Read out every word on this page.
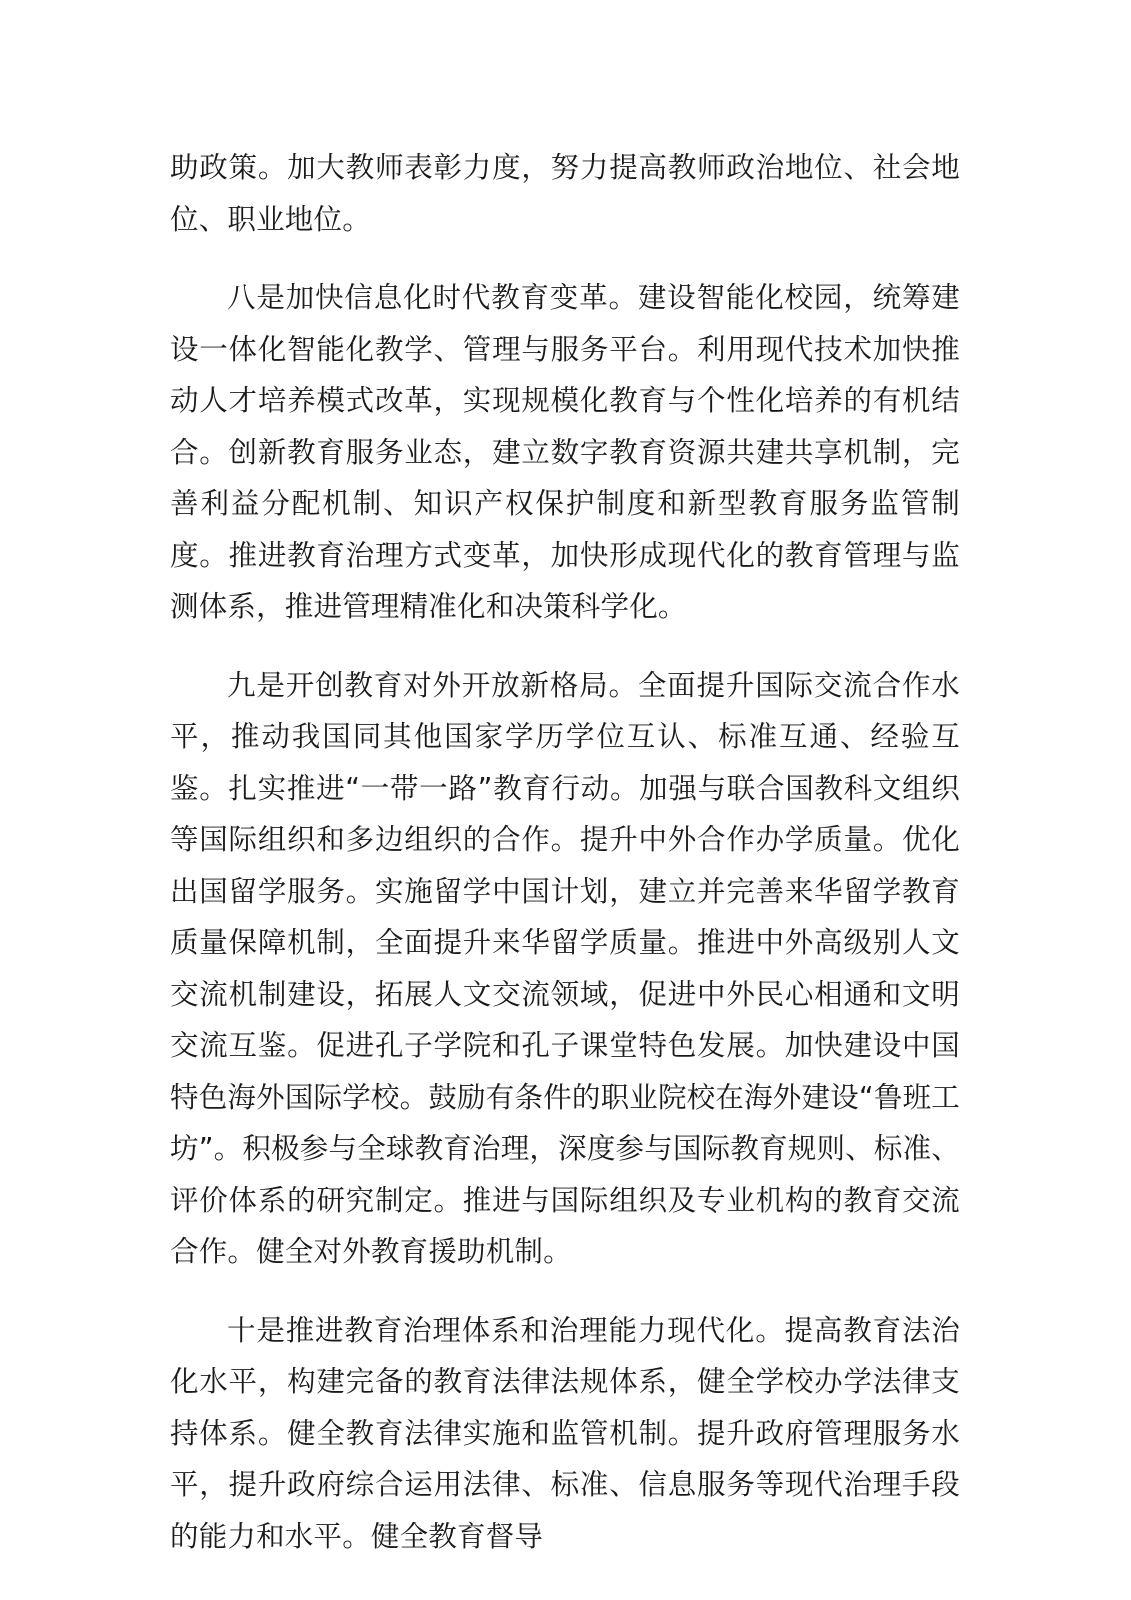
助政策。加大教师表彰力度，努力提高教师政治地位、社会地位、职业地位。

八是加快信息化时代教育变革。建设智能化校园，统筹建设一体化智能化教学、管理与服务平台。利用现代技术加快推动人才培养模式改革，实现规模化教育与个性化培养的有机结合。创新教育服务业态，建立数字教育资源共建共享机制，完善利益分配机制、知识产权保护制度和新型教育服务监管制度。推进教育治理方式变革，加快形成现代化的教育管理与监测体系，推进管理精准化和决策科学化。

九是开创教育对外开放新格局。全面提升国际交流合作水平，推动我国同其他国家学历学位互认、标准互通、经验互鉴。扎实推进“一带一路”教育行动。加强与联合国教科文组织等国际组织和多边组织的合作。提升中外合作办学质量。优化出国留学服务。实施留学中国计划，建立并完善来华留学教育质量保障机制，全面提升来华留学质量。推进中外高级别人文交流机制建设，拓展人文交流领域，促进中外民心相通和文明交流互鉴。促进孔子学院和孔子课堂特色发展。加快建设中国特色海外国际学校。鼓励有条件的职业院校在海外建设“鲁班工坊”。积极参与全球教育治理，深度参与国际教育规则、标准、评价体系的研究制定。推进与国际组织及专业机构的教育交流合作。健全对外教育援助机制。

十是推进教育治理体系和治理能力现代化。提高教育法治化水平，构建完备的教育法律法规体系，健全学校办学法律支持体系。健全教育法律实施和监管机制。提升政府管理服务水平，提升政府综合运用法律、标准、信息服务等现代治理手段的能力和水平。健全教育督导
